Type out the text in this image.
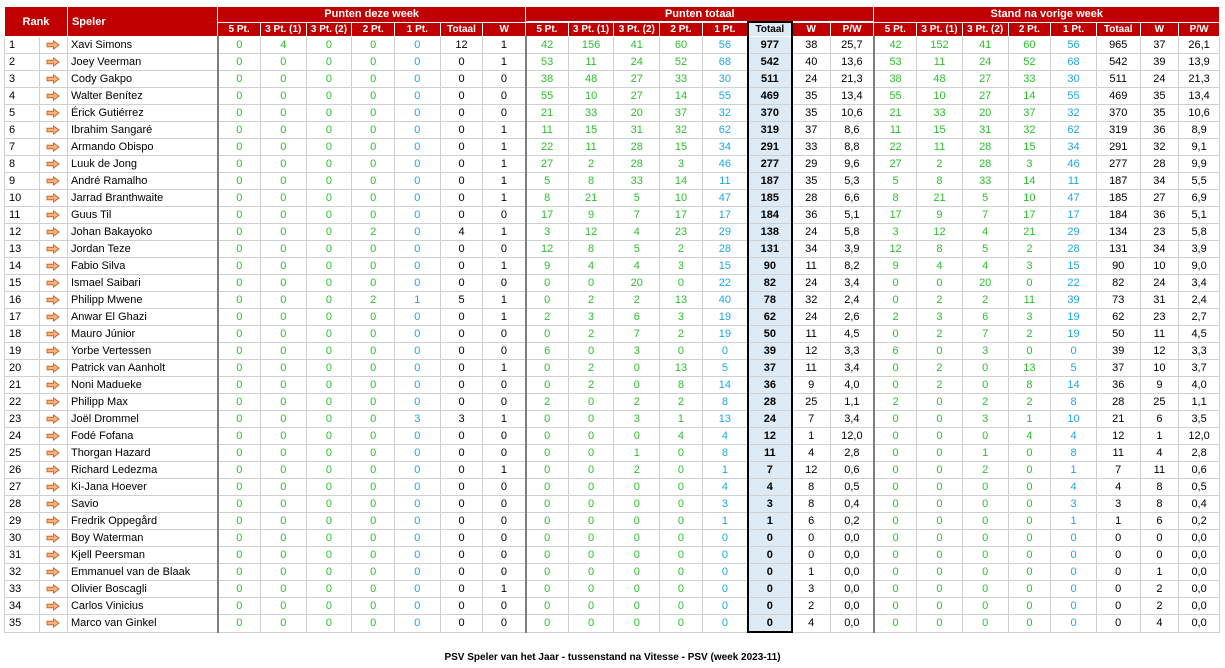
Rank		Speler	Punten deze week							Punten totaal								Stand na vorige week							
			5 Pt.	3 Pt. (1)	3 Pt. (2)	2 Pt.	1 Pt.	Totaal	W	5 Pt.	3 Pt. (1)	3 Pt. (2)	2 Pt.	1 Pt.	Totaal	W	P/W	5 Pt.	3 Pt. (1)	3 Pt. (2)	2 Pt.	1 Pt.	Totaal	W	P/W
1		Xavi Simons	0	4	0	0	0	12	1	42	156	41	60	56	977	38	25,7	42	152	41	60	56	965	37	26,1
2		Joey Veerman	0	0	0	0	0	0	1	53	11	24	52	68	542	40	13,6	53	11	24	52	68	542	39	13,9
3		Cody Gakpo	0	0	0	0	0	0	0	38	48	27	33	30	511	24	21,3	38	48	27	33	30	511	24	21,3
4		Walter Benítez	0	0	0	0	0	0	0	55	10	27	14	55	469	35	13,4	55	10	27	14	55	469	35	13,4
5		Érick Gutiérrez	0	0	0	0	0	0	0	21	33	20	37	32	370	35	10,6	21	33	20	37	32	370	35	10,6
6		Ibrahim Sangaré	0	0	0	0	0	0	1	11	15	31	32	62	319	37	8,6	11	15	31	32	62	319	36	8,9
7		Armando Obispo	0	0	0	0	0	0	1	22	11	28	15	34	291	33	8,8	22	11	28	15	34	291	32	9,1
8		Luuk de Jong	0	0	0	0	0	0	1	27	2	28	3	46	277	29	9,6	27	2	28	3	46	277	28	9,9
9		André Ramalho	0	0	0	0	0	0	1	5	8	33	14	11	187	35	5,3	5	8	33	14	11	187	34	5,5
10		Jarrad Branthwaite	0	0	0	0	0	0	1	8	21	5	10	47	185	28	6,6	8	21	5	10	47	185	27	6,9
11		Guus Til	0	0	0	0	0	0	0	17	9	7	17	17	184	36	5,1	17	9	7	17	17	184	36	5,1
12		Johan Bakayoko	0	0	0	2	0	4	1	3	12	4	23	29	138	24	5,8	3	12	4	21	29	134	23	5,8
13		Jordan Teze	0	0	0	0	0	0	0	12	8	5	2	28	131	34	3,9	12	8	5	2	28	131	34	3,9
14		Fabio Silva	0	0	0	0	0	0	1	9	4	4	3	15	90	11	8,2	9	4	4	3	15	90	10	9,0
15		Ismael Saibari	0	0	0	0	0	0	0	0	0	20	0	22	82	24	3,4	0	0	20	0	22	82	24	3,4
16		Philipp Mwene	0	0	0	2	1	5	1	0	2	2	13	40	78	32	2,4	0	2	2	11	39	73	31	2,4
17		Anwar El Ghazi	0	0	0	0	0	0	1	2	3	6	3	19	62	24	2,6	2	3	6	3	19	62	23	2,7
18		Mauro Júnior	0	0	0	0	0	0	0	0	2	7	2	19	50	11	4,5	0	2	7	2	19	50	11	4,5
19		Yorbe Vertessen	0	0	0	0	0	0	0	6	0	3	0	0	39	12	3,3	6	0	3	0	0	39	12	3,3
20		Patrick van Aanholt	0	0	0	0	0	0	1	0	2	0	13	5	37	11	3,4	0	2	0	13	5	37	10	3,7
21		Noni Madueke	0	0	0	0	0	0	0	0	2	0	8	14	36	9	4,0	0	2	0	8	14	36	9	4,0
22		Philipp Max	0	0	0	0	0	0	0	2	0	2	2	8	28	25	1,1	2	0	2	2	8	28	25	1,1
23		Joël Drommel	0	0	0	0	3	3	1	0	0	3	1	13	24	7	3,4	0	0	3	1	10	21	6	3,5
24		Fodé Fofana	0	0	0	0	0	0	0	0	0	0	4	4	12	1	12,0	0	0	0	4	4	12	1	12,0
25		Thorgan Hazard	0	0	0	0	0	0	0	0	0	1	0	8	11	4	2,8	0	0	1	0	8	11	4	2,8
26		Richard Ledezma	0	0	0	0	0	0	1	0	0	2	0	1	7	12	0,6	0	0	2	0	1	7	11	0,6
27		Ki-Jana Hoever	0	0	0	0	0	0	0	0	0	0	0	4	4	8	0,5	0	0	0	0	4	4	8	0,5
28		Savio	0	0	0	0	0	0	0	0	0	0	0	3	3	8	0,4	0	0	0	0	3	3	8	0,4
29		Fredrik Oppegård	0	0	0	0	0	0	0	0	0	0	0	1	1	6	0,2	0	0	0	0	1	1	6	0,2
30		Boy Waterman	0	0	0	0	0	0	0	0	0	0	0	0	0	0	0,0	0	0	0	0	0	0	0	0,0
31		Kjell Peersman	0	0	0	0	0	0	0	0	0	0	0	0	0	0	0,0	0	0	0	0	0	0	0	0,0
32		Emmanuel van de Blaak	0	0	0	0	0	0	0	0	0	0	0	0	0	1	0,0	0	0	0	0	0	0	1	0,0
33		Olivier Boscagli	0	0	0	0	0	0	1	0	0	0	0	0	0	3	0,0	0	0	0	0	0	0	2	0,0
34		Carlos Vinicius	0	0	0	0	0	0	0	0	0	0	0	0	0	2	0,0	0	0	0	0	0	0	2	0,0
35		Marco van Ginkel	0	0	0	0	0	0	0	0	0	0	0	0	0	4	0,0	0	0	0	0	0	0	4	0,0
PSV Speler van het Jaar - tussenstand na Vitesse - PSV (week 2023-11)
